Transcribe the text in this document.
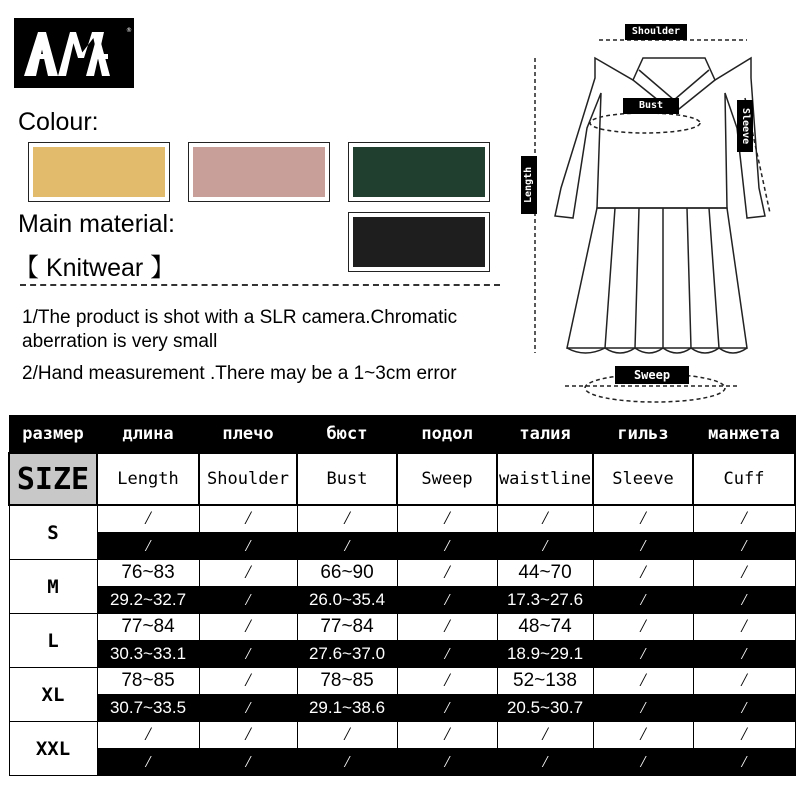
®
Colour:
Main material:
【 Knitwear 】
1/The product is shot with a SLR camera.Chromatic
aberration is very small
2/Hand measurement .There may be a 1~3cm error
Shoulder
Bust
Sleeve
Length
Sweep
размер	длина	плечо	бюст	подол	талия	гильз	манжета
SIZE	Length	Shoulder	Bust	Sweep	waistline	Sleeve	Cuff
S	/	/	/	/	/	/	/
	/	/	/	/	/	/	/
M	76~83	/	66~90	/	44~70	/	/
	29.2~32.7	/	26.0~35.4	/	17.3~27.6	/	/
L	77~84	/	77~84	/	48~74	/	/
	30.3~33.1	/	27.6~37.0	/	18.9~29.1	/	/
XL	78~85	/	78~85	/	52~138	/	/
	30.7~33.5	/	29.1~38.6	/	20.5~30.7	/	/
XXL	/	/	/	/	/	/	/
	/	/	/	/	/	/	/
